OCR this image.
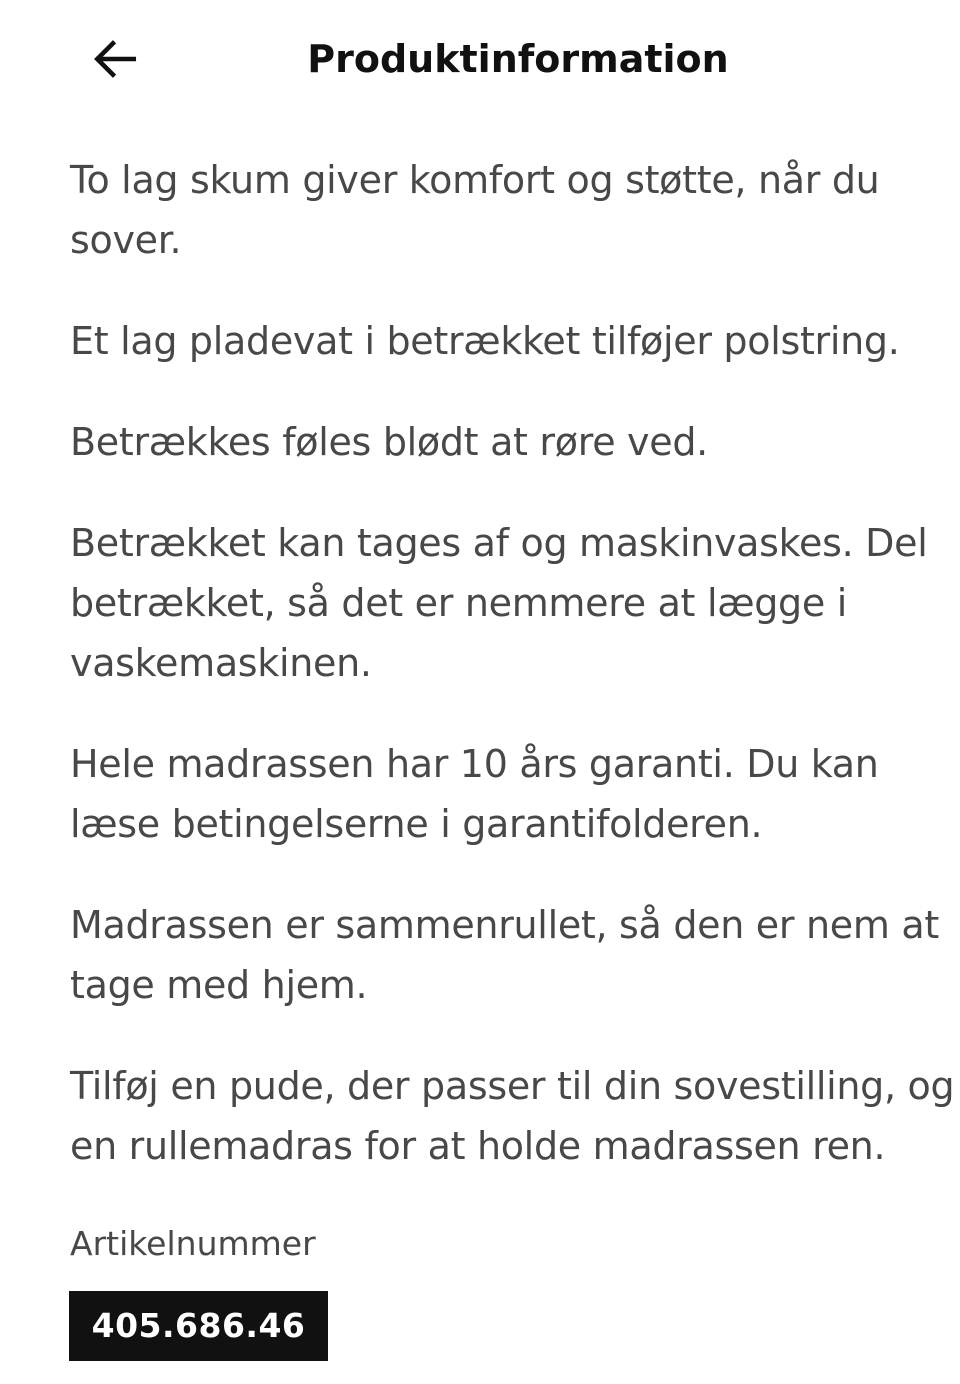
Produktinformation

To lag skum giver komfort og støtte, når du sover.

Et lag pladevat i betrækket tilføjer polstring.

Betrækkes føles blødt at røre ved.

Betrækket kan tages af og maskinvaskes. Del betrækket, så det er nemmere at lægge i vaskemaskinen.

Hele madrassen har 10 års garanti. Du kan læse betingelserne i garantifolderen.

Madrassen er sammenrullet, så den er nem at tage med hjem.

Tilføj en pude, der passer til din sovestilling, og en rullemadras for at holde madrassen ren.

Artikelnummer
405.686.46
